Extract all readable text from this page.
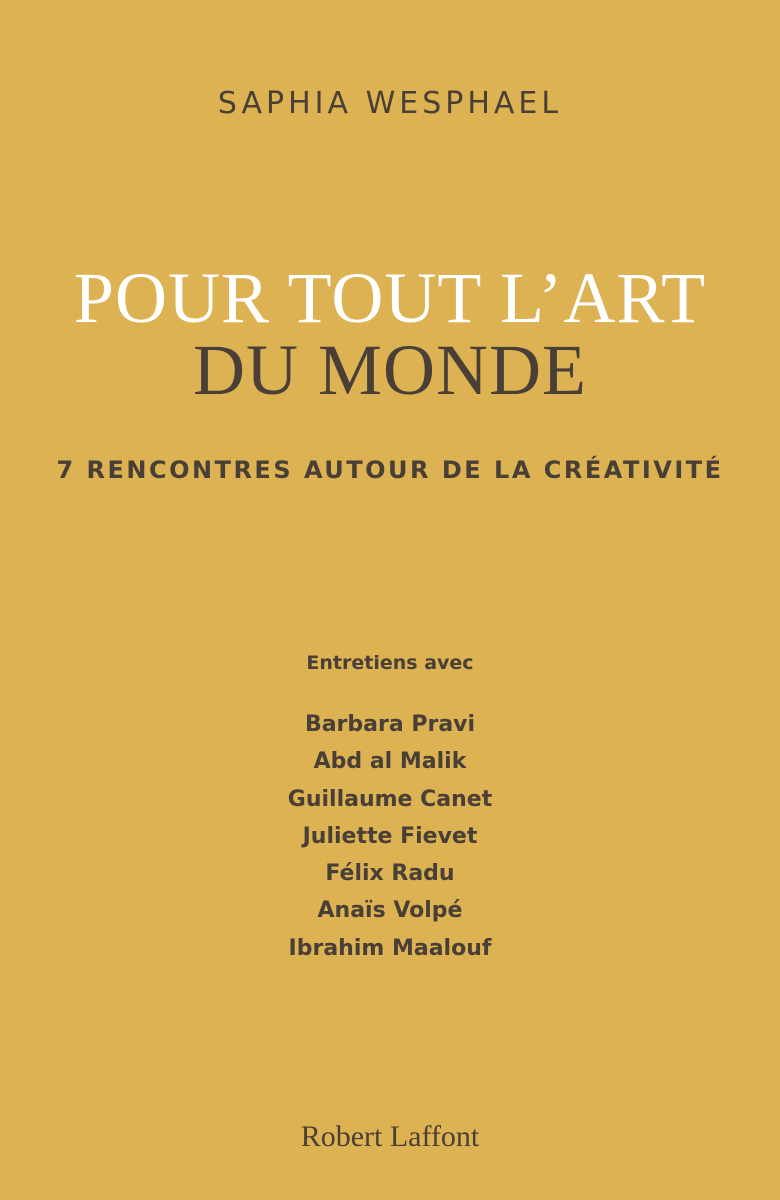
SAPHIA WESPHAEL
POUR TOUT L’ART
DU MONDE
7 RENCONTRES AUTOUR DE LA CRÉATIVITÉ
Entretiens avec
Barbara Pravi
Abd al Malik
Guillaume Canet
Juliette Fievet
Félix Radu
Anaïs Volpé
Ibrahim Maalouf
Robert Laffont
